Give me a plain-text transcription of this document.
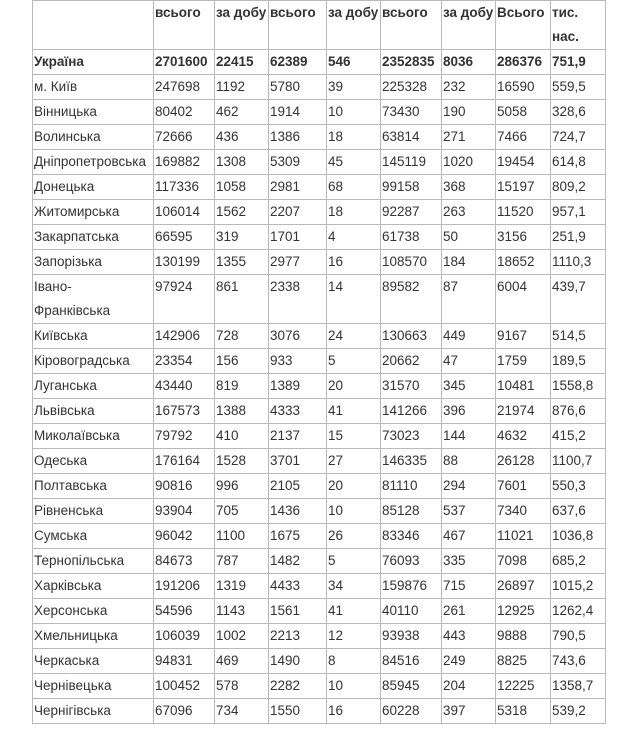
	всього	за добу	всього	за добу	всього	за добу	Всього	тис.
нас.
Україна	2701600	22415	62389	546	2352835	8036	286376	751,9
м. Київ	247698	1192	5780	39	225328	232	16590	559,5
Вінницька	80402	462	1914	10	73430	190	5058	328,6
Волинська	72666	436	1386	18	63814	271	7466	724,7
Дніпропетровська	169882	1308	5309	45	145119	1020	19454	614,8
Донецька	117336	1058	2981	68	99158	368	15197	809,2
Житомирська	106014	1562	2207	18	92287	263	11520	957,1
Закарпатська	66595	319	1701	4	61738	50	3156	251,9
Запорізька	130199	1355	2977	16	108570	184	18652	1110,3
Івано-
Франківська	97924	861	2338	14	89582	87	6004	439,7
Київська	142906	728	3076	24	130663	449	9167	514,5
Кіровоградська	23354	156	933	5	20662	47	1759	189,5
Луганська	43440	819	1389	20	31570	345	10481	1558,8
Львівська	167573	1388	4333	41	141266	396	21974	876,6
Миколаївська	79792	410	2137	15	73023	144	4632	415,2
Одеська	176164	1528	3701	27	146335	88	26128	1100,7
Полтавська	90816	996	2105	20	81110	294	7601	550,3
Рівненська	93904	705	1436	10	85128	537	7340	637,6
Сумська	96042	1100	1675	26	83346	467	11021	1036,8
Тернопільська	84673	787	1482	5	76093	335	7098	685,2
Харківська	191206	1319	4433	34	159876	715	26897	1015,2
Херсонська	54596	1143	1561	41	40110	261	12925	1262,4
Хмельницька	106039	1002	2213	12	93938	443	9888	790,5
Черкаська	94831	469	1490	8	84516	249	8825	743,6
Чернівецька	100452	578	2282	10	85945	204	12225	1358,7
Чернігівська	67096	734	1550	16	60228	397	5318	539,2
